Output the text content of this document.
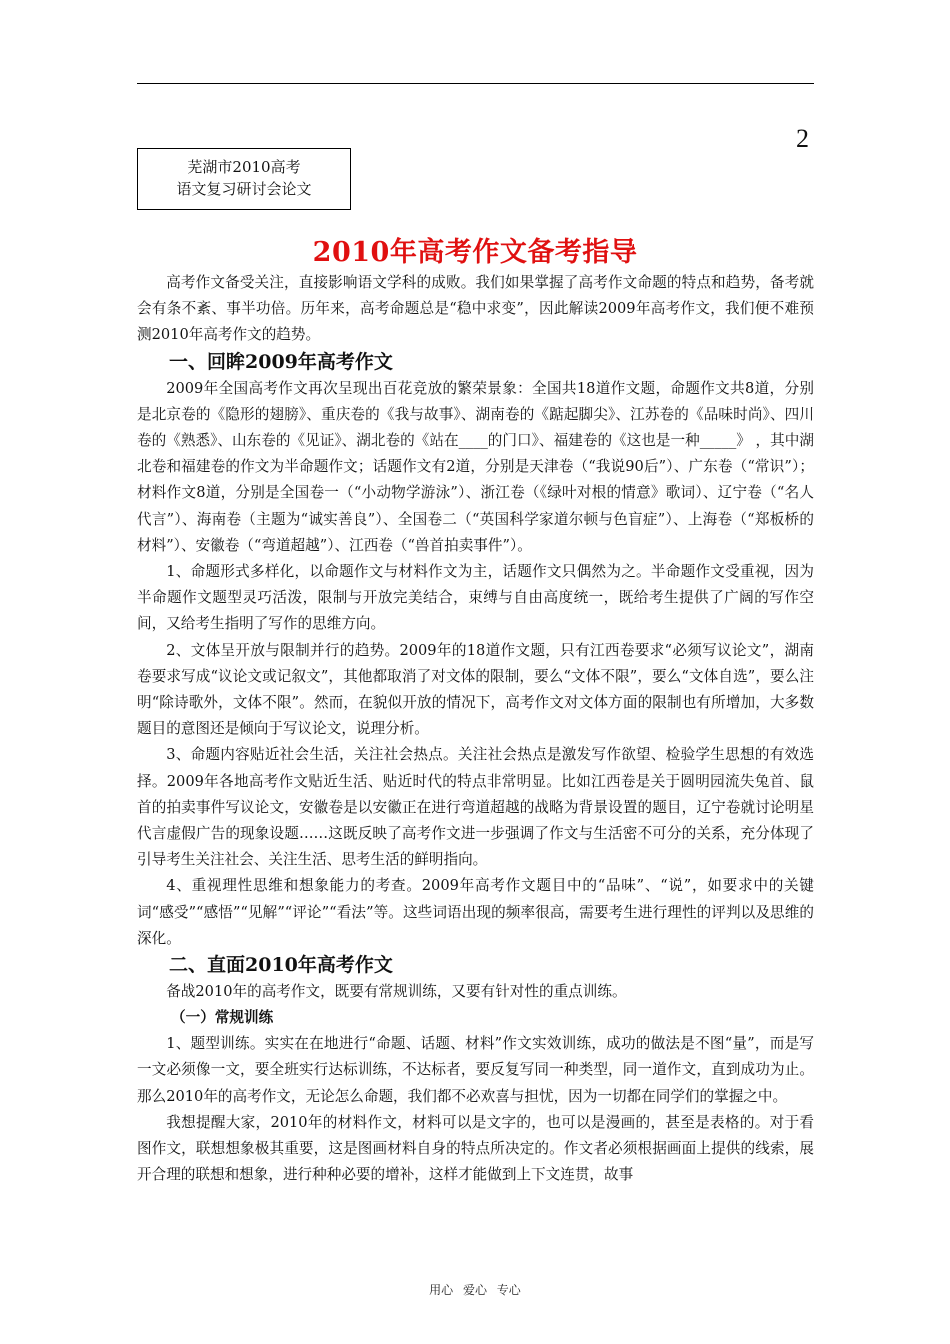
2
芜湖市2010高考
语文复习研讨会论文
2010年高考作文备考指导

高考作文备受关注，直接影响语文学科的成败。我们如果掌握了高考作文命题的特点和趋势，备考就会有条不紊、事半功倍。历年来，高考命题总是“稳中求变”，因此解读2009年高考作文，我们便不难预测2010年高考作文的趋势。

一、回眸2009年高考作文

2009年全国高考作文再次呈现出百花竞放的繁荣景象：全国共18道作文题，命题作文共8道，分别是北京卷的《隐形的翅膀》、重庆卷的《我与故事》、湖南卷的《踮起脚尖》、江苏卷的《品味时尚》、四川卷的《熟悉》、山东卷的《见证》、湖北卷的《站在____的门口》、福建卷的《这也是一种_____》 ，其中湖北卷和福建卷的作文为半命题作文；话题作文有2道，分别是天津卷（“我说90后”）、广东卷（“常识”）；材料作文8道，分别是全国卷一（“小动物学游泳”）、浙江卷（《绿叶对根的情意》歌词）、辽宁卷（“名人代言”）、海南卷（主题为“诚实善良”）、全国卷二（“英国科学家道尔顿与色盲症”）、上海卷（“郑板桥的材料”）、安徽卷（“弯道超越”）、江西卷（“兽首拍卖事件”）。

1、命题形式多样化，以命题作文与材料作文为主，话题作文只偶然为之。半命题作文受重视，因为半命题作文题型灵巧活泼，限制与开放完美结合，束缚与自由高度统一，既给考生提供了广阔的写作空间，又给考生指明了写作的思维方向。

2、文体呈开放与限制并行的趋势。2009年的18道作文题，只有江西卷要求“必须写议论文”，湖南卷要求写成“议论文或记叙文”，其他都取消了对文体的限制，要么“文体不限”，要么“文体自选”，要么注明“除诗歌外，文体不限”。然而，在貌似开放的情况下，高考作文对文体方面的限制也有所增加，大多数题目的意图还是倾向于写议论文，说理分析。

3、命题内容贴近社会生活，关注社会热点。关注社会热点是激发写作欲望、检验学生思想的有效选择。2009年各地高考作文贴近生活、贴近时代的特点非常明显。比如江西卷是关于圆明园流失兔首、鼠首的拍卖事件写议论文，安徽卷是以安徽正在进行弯道超越的战略为背景设置的题目，辽宁卷就讨论明星代言虚假广告的现象设题……这既反映了高考作文进一步强调了作文与生活密不可分的关系，充分体现了引导考生关注社会、关注生活、思考生活的鲜明指向。

4、重视理性思维和想象能力的考查。2009年高考作文题目中的“品味”、“说”，如要求中的关键词“感受”“感悟”“见解”“评论”“看法”等。这些词语出现的频率很高，需要考生进行理性的评判以及思维的深化。

二、直面2010年高考作文

备战2010年的高考作文，既要有常规训练，又要有针对性的重点训练。

（一）常规训练

1、题型训练。实实在在地进行“命题、话题、材料”作文实效训练，成功的做法是不图“量”，而是写一文必须像一文，要全班实行达标训练，不达标者，要反复写同一种类型，同一道作文，直到成功为止。那么2010年的高考作文，无论怎么命题，我们都不必欢喜与担忧，因为一切都在同学们的掌握之中。

我想提醒大家，2010年的材料作文，材料可以是文字的，也可以是漫画的，甚至是表格的。对于看图作文，联想想象极其重要，这是图画材料自身的特点所决定的。作文者必须根据画面上提供的线索，展开合理的联想和想象，进行种种必要的增补，这样才能做到上下文连贯，故事

用心 爱心 专心
